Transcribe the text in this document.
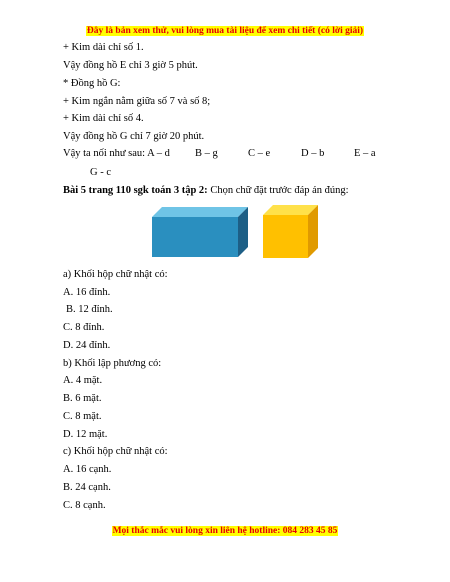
Đây là bản xem thử, vui lòng mua tài liệu để xem chi tiết (có lời giải)
+ Kim dài chỉ số 1.
Vậy đồng hồ E chỉ 3 giờ 5 phút.
* Đồng hồ G:
+ Kim ngắn nằm giữa số 7 và số 8;
+ Kim dài chỉ số 4.
Vậy đồng hồ G chỉ 7 giờ 20 phút.
Vậy ta nối như sau: A – d B – g	C – e	D – b	E – a
G - c
Bài 5 trang 110 sgk toán 3 tập 2: Chọn chữ đặt trước đáp án đúng:
a) Khối hộp chữ nhật có:
A. 16 đỉnh.
B. 12 đỉnh.
C. 8 đỉnh.
D. 24 đỉnh.
b) Khối lập phương có:
A. 4 mặt.
B. 6 mặt.
C. 8 mặt.
D. 12 mặt.
c) Khối hộp chữ nhật có:
A. 16 cạnh.
B. 24 cạnh.
C. 8 cạnh.
Mọi thắc mắc vui lòng xin liên hệ hotline: 084 283 45 85
